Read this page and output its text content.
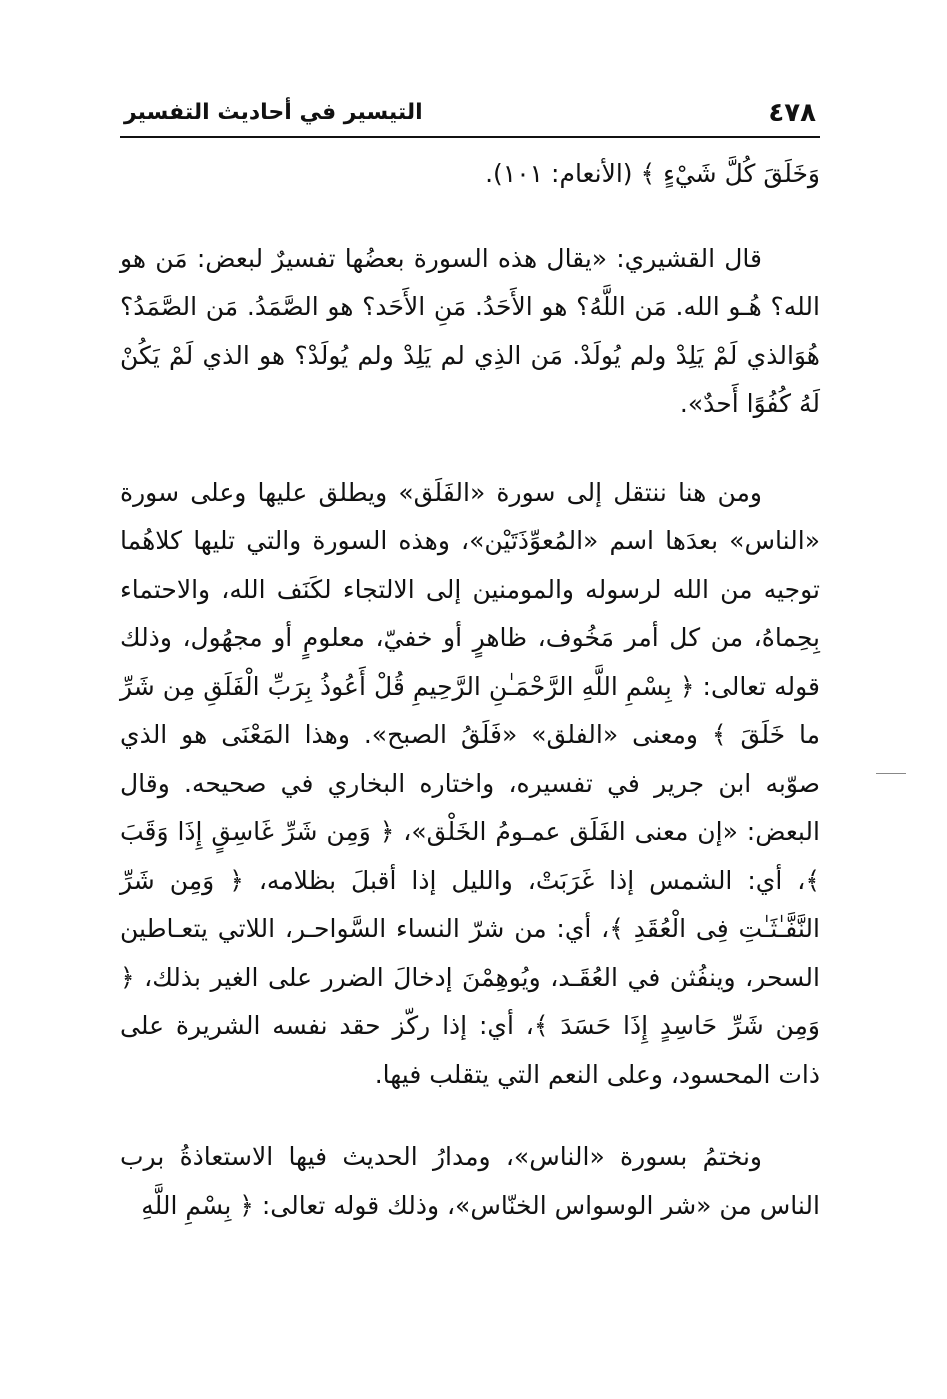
٤٧٨
التيسير في أحاديث التفسير

وَخَلَقَ كُلَّ شَيْءٍ ﴾ (الأنعام: ١٠١).

قال القشيري: «يقال هذه السورة بعضُها تفسيرٌ لبعض: مَن هو الله؟ هُـو الله. مَن اللَّهُ؟ هو الأَحَدُ. مَنِ الأَحَد؟ هو الصَّمَدُ. مَن الصَّمَدُ؟ هُوَالذي لَمْ يَلِدْ ولم يُولَدْ. مَن الذِي لم يَلِدْ ولم يُولَدْ؟ هو الذي لَمْ يَكُنْ لَهُ كُفُوًا أَحدٌ».

ومن هنا ننتقل إلى سورة «الفَلَق» ويطلق عليها وعلى سورة «الناس» بعدَها اسم «المُعوِّذَتَيْن»، وهذه السورة والتي تليها كلاهُما توجيه من الله لرسوله والمومنين إلى الالتجاء لكَنَف الله، والاحتماء بِحِماهُ، من كل أمر مَخُوف، ظاهرٍ أو خفيّ، معلومٍ أو مجهُول، وذلك قوله تعالى: ﴿ بِسْمِ اللَّهِ الرَّحْمَـٰنِ الرَّحِيمِ قُلْ أَعُوذُ بِرَبِّ الْفَلَقِ مِن شَرِّ ما خَلَقَ ﴾ ومعنى «الفلق» «فَلَقُ الصبح». وهذا المَعْنَى هو الذي صوّبه ابن جرير في تفسيره، واختاره البخاري في صحيحه. وقال البعض: «إن معنى الفَلَق عمـومُ الخَلْق»، ﴿ وَمِن شَرِّ غَاسِقٍ إِذَا وَقَبَ ﴾، أي: الشمس إذا غَرَبَتْ، والليل إذا أقبلَ بظلامه، ﴿ وَمِن شَرِّ النَّفَّـٰثَـٰتِ فِى الْعُقَدِ ﴾، أي: من شرّ النساء السَّواحـر، اللاتي يتعـاطين السحر، وينفُثن في العُقَـد، ويُوهِمْنَ إدخالَ الضرر على الغير بذلك، ﴿ وَمِن شَرِّ حَاسِدٍ إِذَا حَسَدَ ﴾، أي: إذا ركّز حقد نفسه الشريرة على ذات المحسود، وعلى النعم التي يتقلب فيها.

ونختمُ بسورة «الناس»، ومدارُ الحديث فيها الاستعاذةُ برب الناس من «شر الوسواس الخنّاس»، وذلك قوله تعالى: ﴿ بِسْمِ اللَّهِ
